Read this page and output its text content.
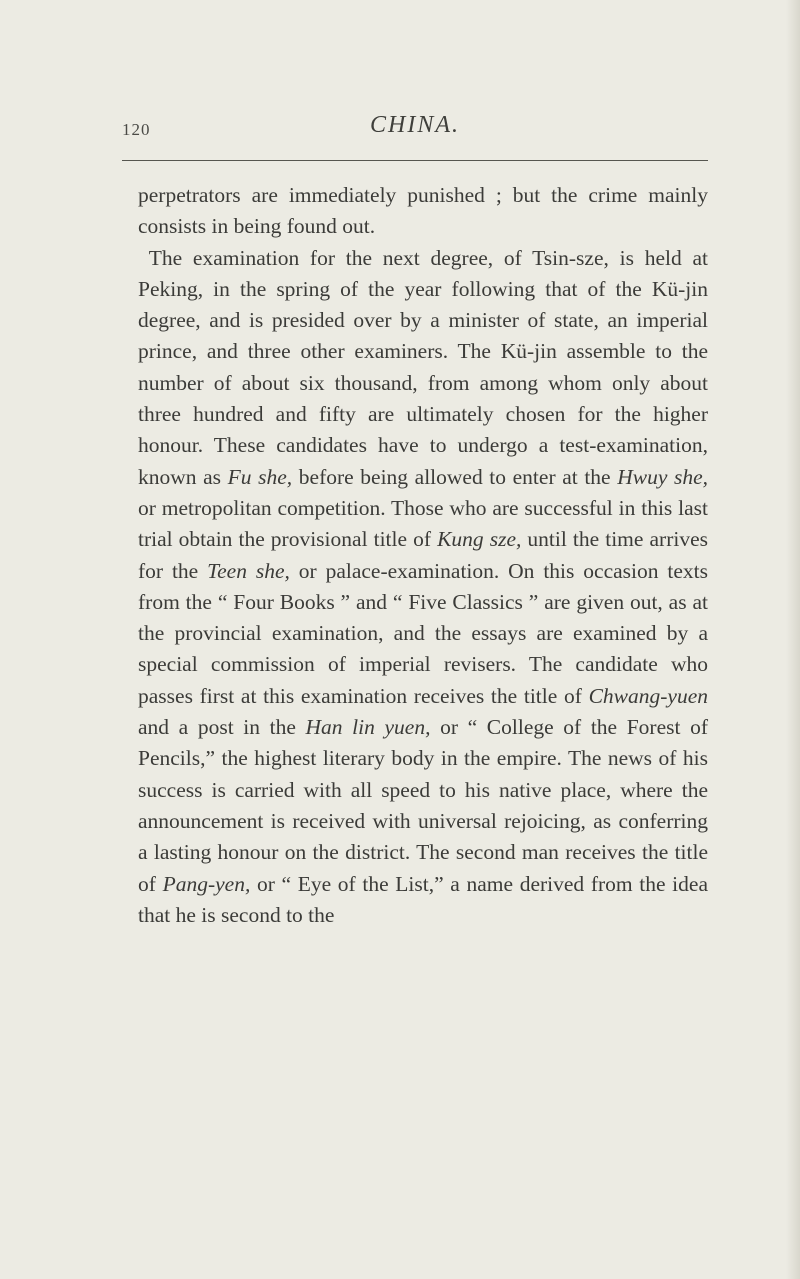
120	CHINA.

perpetrators are immediately punished ; but the crime mainly consists in being found out.

 The examination for the next degree, of Tsin-sze, is held at Peking, in the spring of the year following that of the Kü-jin degree, and is presided over by a minister of state, an imperial prince, and three other examiners. The Kü-jin assemble to the number of about six thousand, from among whom only about three hundred and fifty are ultimately chosen for the higher honour. These candidates have to undergo a test-examination, known as Fu she, before being allowed to enter at the Hwuy she, or metropolitan competition. Those who are successful in this last trial obtain the provisional title of Kung sze, until the time arrives for the Teen she, or palace-examination. On this occasion texts from the “ Four Books ” and “ Five Classics ” are given out, as at the provincial examination, and the essays are examined by a special commission of imperial revisers. The candidate who passes first at this examination receives the title of Chwang-yuen and a post in the Han lin yuen, or “ College of the Forest of Pencils,” the highest literary body in the empire. The news of his success is carried with all speed to his native place, where the announcement is received with universal rejoicing, as conferring a lasting honour on the district. The second man receives the title of Pang-yen, or “ Eye of the List,” a name derived from the idea that he is second to the
